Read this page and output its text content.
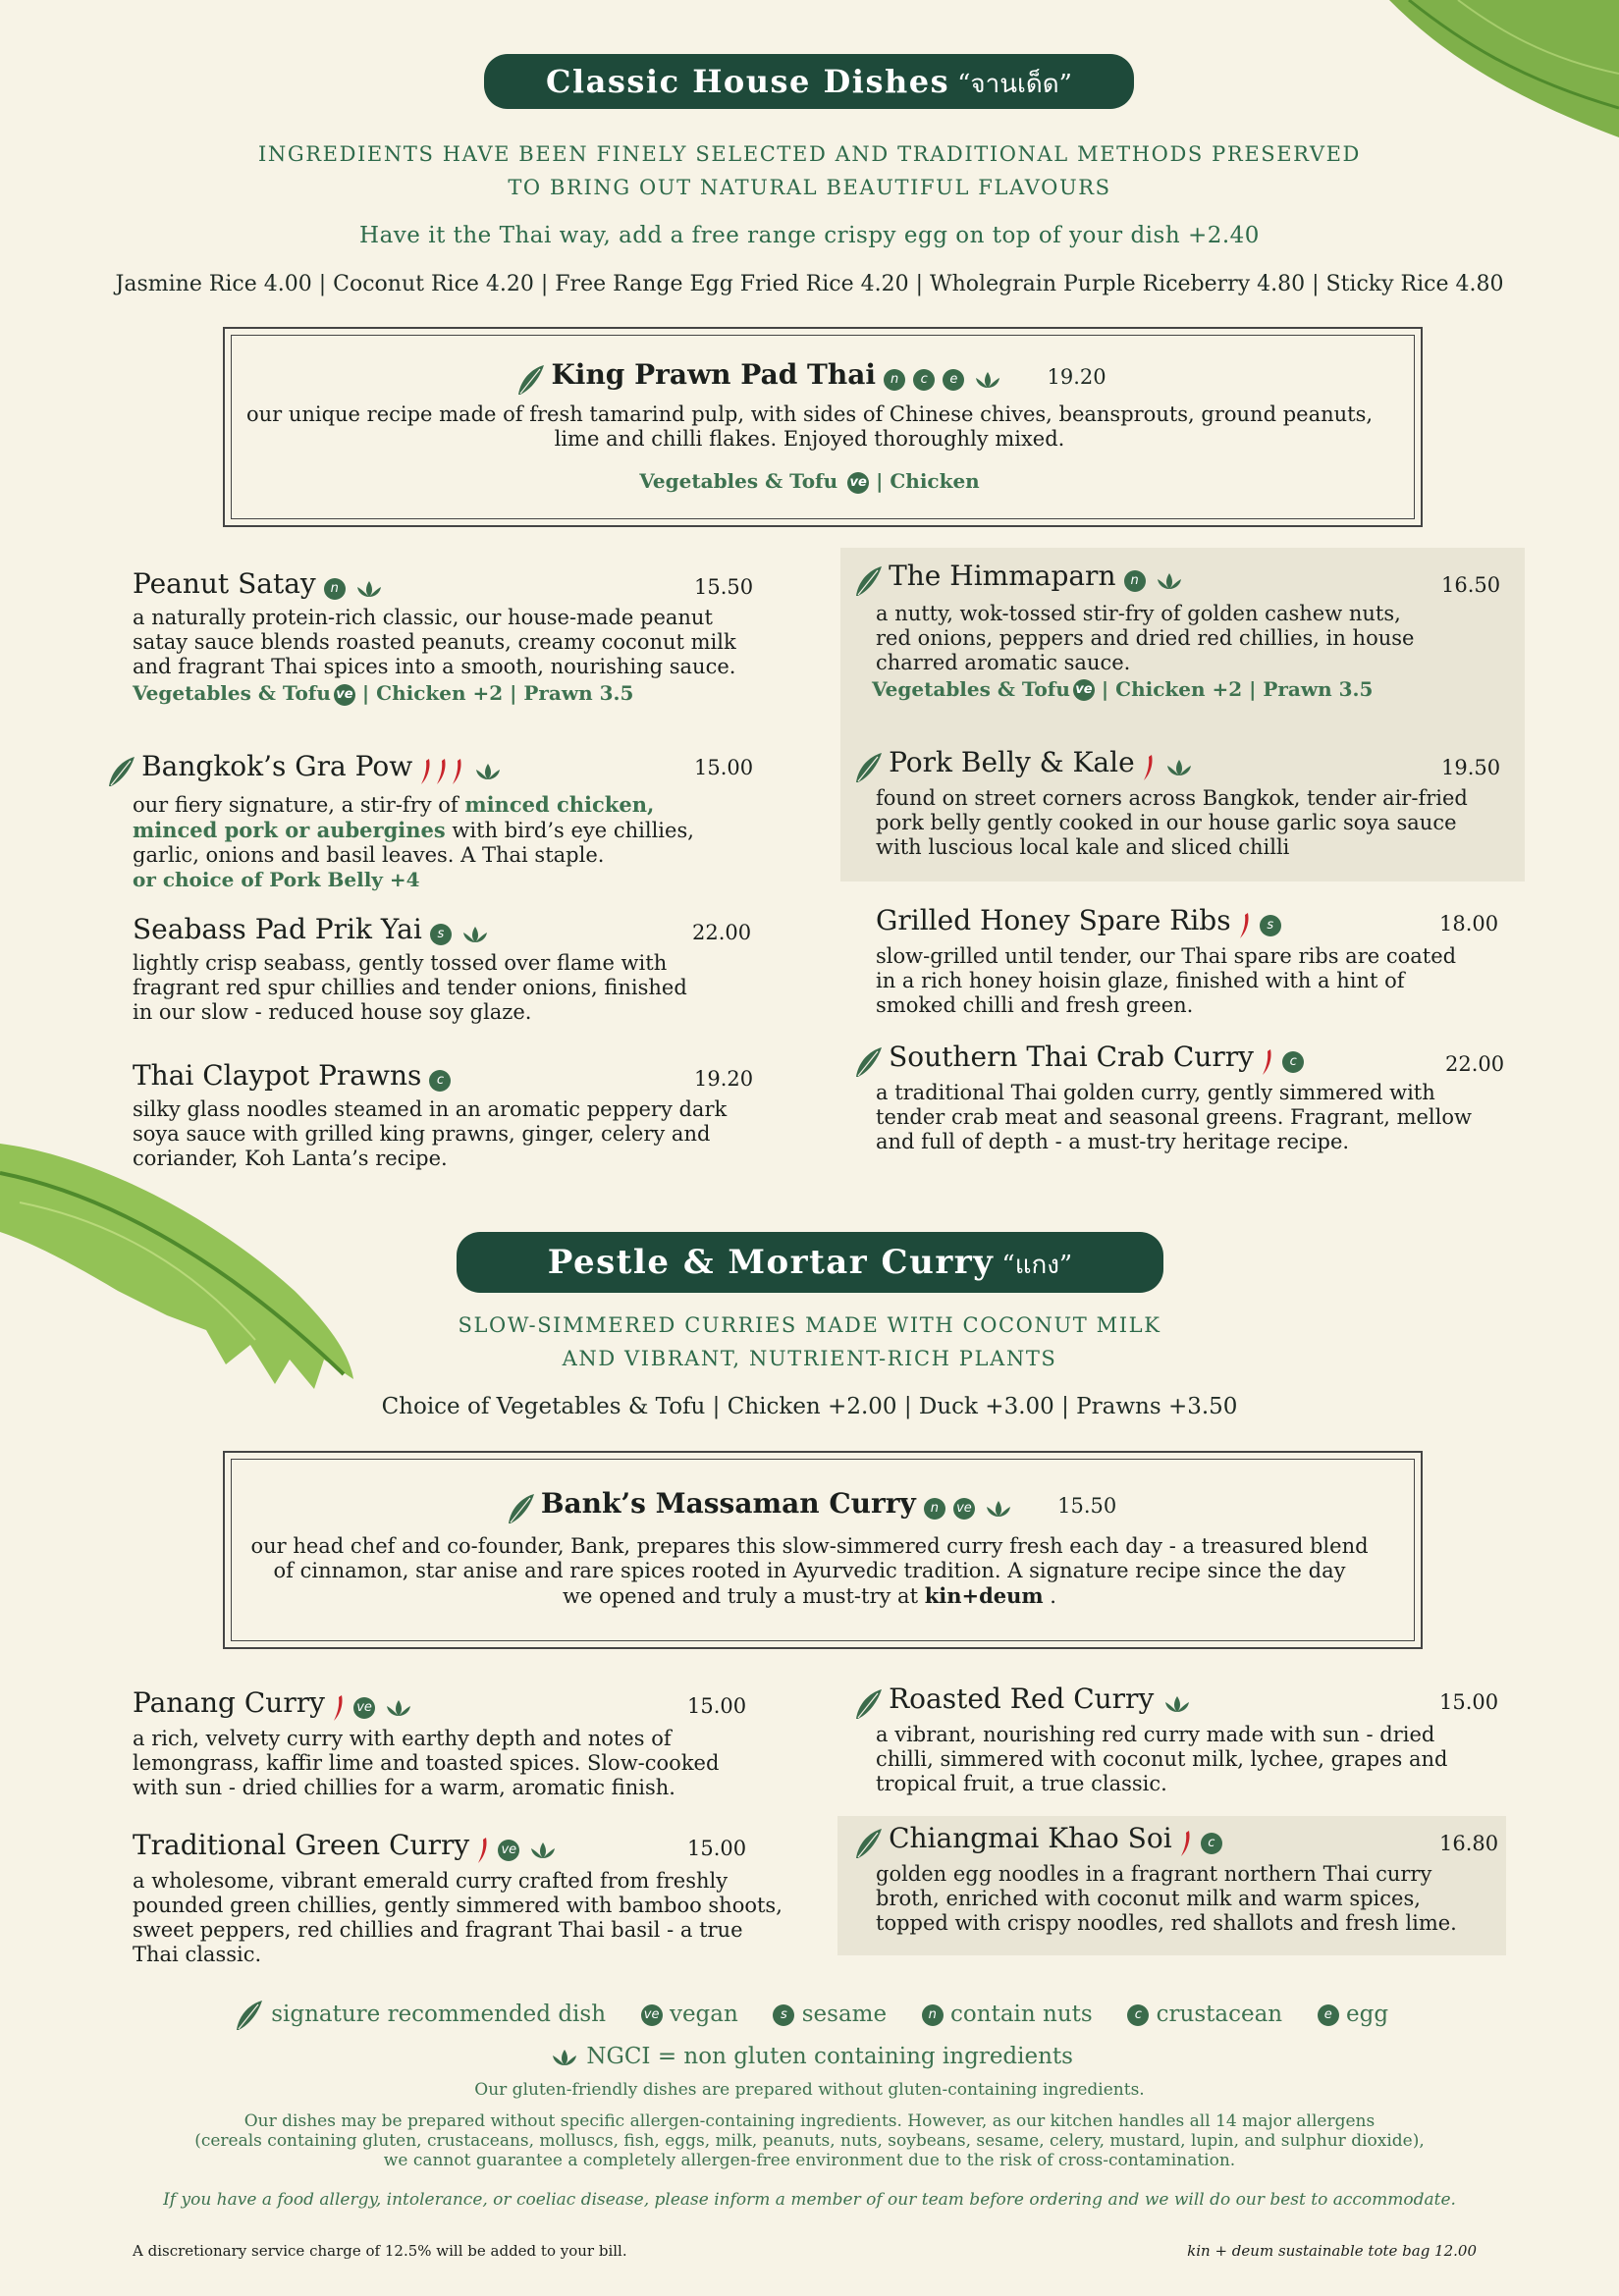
Classic House Dishes “จานเด็ด”
INGREDIENTS HAVE BEEN FINELY SELECTED AND TRADITIONAL METHODS PRESERVED
TO BRING OUT NATURAL BEAUTIFUL FLAVOURS
Have it the Thai way, add a free range crispy egg on top of your dish +2.40
Jasmine Rice 4.00 | Coconut Rice 4.20 | Free Range Egg Fried Rice 4.20 | Wholegrain Purple Riceberry 4.80 | Sticky Rice 4.80
King Prawn Pad Thai n c e	19.20
our unique recipe made of fresh tamarind pulp, with sides of Chinese chives, beansprouts, ground peanuts,
lime and chilli flakes. Enjoyed thoroughly mixed.
Vegetables & Tofu ve | Chicken
Peanut Satay n	15.50
a naturally protein-rich classic, our house-made peanut
satay sauce blends roasted peanuts, creamy coconut milk
and fragrant Thai spices into a smooth, nourishing sauce.
Vegetables & Tofu ve | Chicken +2 | Prawn 3.5
Bangkok’s Gra Pow	15.00
our fiery signature, a stir-fry of minced chicken,
minced pork or aubergines with bird’s eye chillies,
garlic, onions and basil leaves. A Thai staple.
or choice of Pork Belly +4
Seabass Pad Prik Yai s	22.00
lightly crisp seabass, gently tossed over flame with
fragrant red spur chillies and tender onions, finished
in our slow - reduced house soy glaze.
Thai Claypot Prawns c	19.20
silky glass noodles steamed in an aromatic peppery dark
soya sauce with grilled king prawns, ginger, celery and
coriander, Koh Lanta’s recipe.
The Himmaparn n	16.50
a nutty, wok-tossed stir-fry of golden cashew nuts,
red onions, peppers and dried red chillies, in house
charred aromatic sauce.
Vegetables & Tofu ve | Chicken +2 | Prawn 3.5
Pork Belly & Kale	19.50
found on street corners across Bangkok, tender air-fried
pork belly gently cooked in our house garlic soya sauce
with luscious local kale and sliced chilli
Grilled Honey Spare Ribs	s	18.00
slow-grilled until tender, our Thai spare ribs are coated
in a rich honey hoisin glaze, finished with a hint of
smoked chilli and fresh green.
Southern Thai Crab Curry	c	22.00
a traditional Thai golden curry, gently simmered with
tender crab meat and seasonal greens. Fragrant, mellow
and full of depth - a must-try heritage recipe.
Pestle & Mortar Curry “แกง”
SLOW-SIMMERED CURRIES MADE WITH COCONUT MILK
AND VIBRANT, NUTRIENT-RICH PLANTS
Choice of Vegetables & Tofu | Chicken +2.00 | Duck +3.00 | Prawns +3.50
Bank’s Massaman Curry n ve	15.50
our head chef and co-founder, Bank, prepares this slow-simmered curry fresh each day - a treasured blend
of cinnamon, star anise and rare spices rooted in Ayurvedic tradition. A signature recipe since the day
we opened and truly a must-try at kin+deum .
Panang Curry ve	15.00
a rich, velvety curry with earthy depth and notes of
lemongrass, kaffir lime and toasted spices. Slow-cooked
with sun - dried chillies for a warm, aromatic finish.
Traditional Green Curry ve	15.00
a wholesome, vibrant emerald curry crafted from freshly
pounded green chillies, gently simmered with bamboo shoots,
sweet peppers, red chillies and fragrant Thai basil - a true
Thai classic.
Roasted Red Curry	15.00
a vibrant, nourishing red curry made with sun - dried
chilli, simmered with coconut milk, lychee, grapes and
tropical fruit, a true classic.
Chiangmai Khao Soi	c	16.80
golden egg noodles in a fragrant northern Thai curry
broth, enriched with coconut milk and warm spices,
topped with crispy noodles, red shallots and fresh lime.
signature recommended dish	ve vegan	s sesame	n contain nuts	c crustacean	e egg
NGCI = non gluten containing ingredients
Our gluten-friendly dishes are prepared without gluten-containing ingredients.
Our dishes may be prepared without specific allergen-containing ingredients. However, as our kitchen handles all 14 major allergens
(cereals containing gluten, crustaceans, molluscs, fish, eggs, milk, peanuts, nuts, soybeans, sesame, celery, mustard, lupin, and sulphur dioxide),
we cannot guarantee a completely allergen-free environment due to the risk of cross-contamination.
If you have a food allergy, intolerance, or coeliac disease, please inform a member of our team before ordering and we will do our best to accommodate.
A discretionary service charge of 12.5% will be added to your bill.	kin + deum sustainable tote bag 12.00
